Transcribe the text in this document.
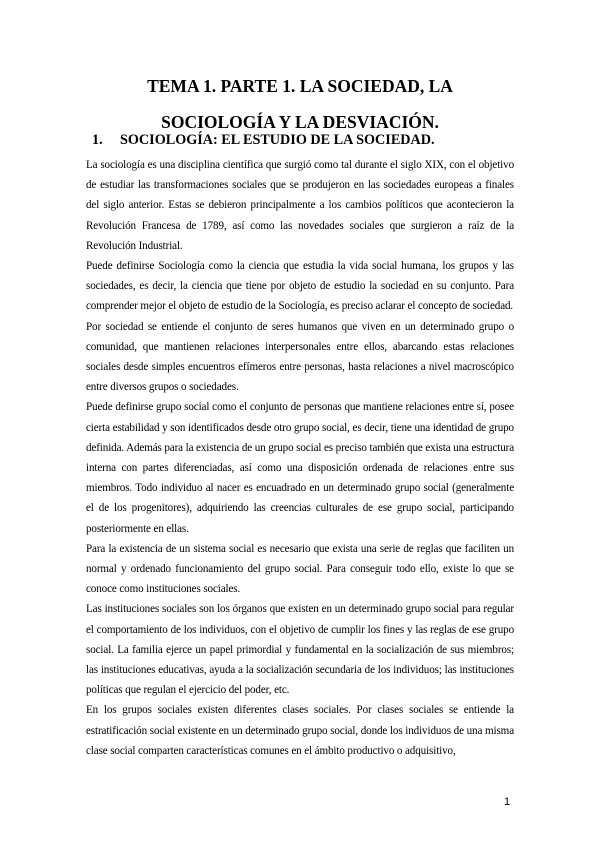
TEMA 1. PARTE 1. LA SOCIEDAD, LA
SOCIOLOGÍA Y LA DESVIACIÓN.
1. SOCIOLOGÍA: EL ESTUDIO DE LA SOCIEDAD.

La sociología es una disciplina científica que surgió como tal durante el siglo XIX, con el objetivo de estudiar las transformaciones sociales que se produjeron en las sociedades europeas a finales del siglo anterior. Estas se debieron principalmente a los cambios políticos que acontecieron la Revolución Francesa de 1789, así como las novedades sociales que surgieron a raíz de la Revolución Industrial.

Puede definirse Sociología como la ciencia que estudia la vida social humana, los grupos y las sociedades, es decir, la ciencia que tiene por objeto de estudio la sociedad en su conjunto. Para comprender mejor el objeto de estudio de la Sociología, es preciso aclarar el concepto de sociedad.

Por sociedad se entiende el conjunto de seres humanos que viven en un determinado grupo o comunidad, que mantienen relaciones interpersonales entre ellos, abarcando estas relaciones sociales desde simples encuentros efímeros entre personas, hasta relaciones a nivel macroscópico entre diversos grupos o sociedades.

Puede definirse grupo social como el conjunto de personas que mantiene relaciones entre sí, posee cierta estabilidad y son identificados desde otro grupo social, es decir, tiene una identidad de grupo definida. Además para la existencia de un grupo social es preciso también que exista una estructura interna con partes diferenciadas, así como una disposición ordenada de relaciones entre sus miembros. Todo individuo al nacer es encuadrado en un determinado grupo social (generalmente el de los progenitores), adquiriendo las creencias culturales de ese grupo social, participando posteriormente en ellas.

Para la existencia de un sistema social es necesario que exista una serie de reglas que faciliten un normal y ordenado funcionamiento del grupo social. Para conseguir todo ello, existe lo que se conoce como instituciones sociales.

Las instituciones sociales son los órganos que existen en un determinado grupo social para regular el comportamiento de los individuos, con el objetivo de cumplir los fines y las reglas de ese grupo social. La familia ejerce un papel primordial y fundamental en la socialización de sus miembros; las instituciones educativas, ayuda a la socialización secundaria de los individuos; las instituciones políticas que regulan el ejercicio del poder, etc.

En los grupos sociales existen diferentes clases sociales. Por clases sociales se entiende la estratificación social existente en un determinado grupo social, donde los individuos de una misma clase social comparten características comunes en el ámbito productivo o adquisitivo,

1
